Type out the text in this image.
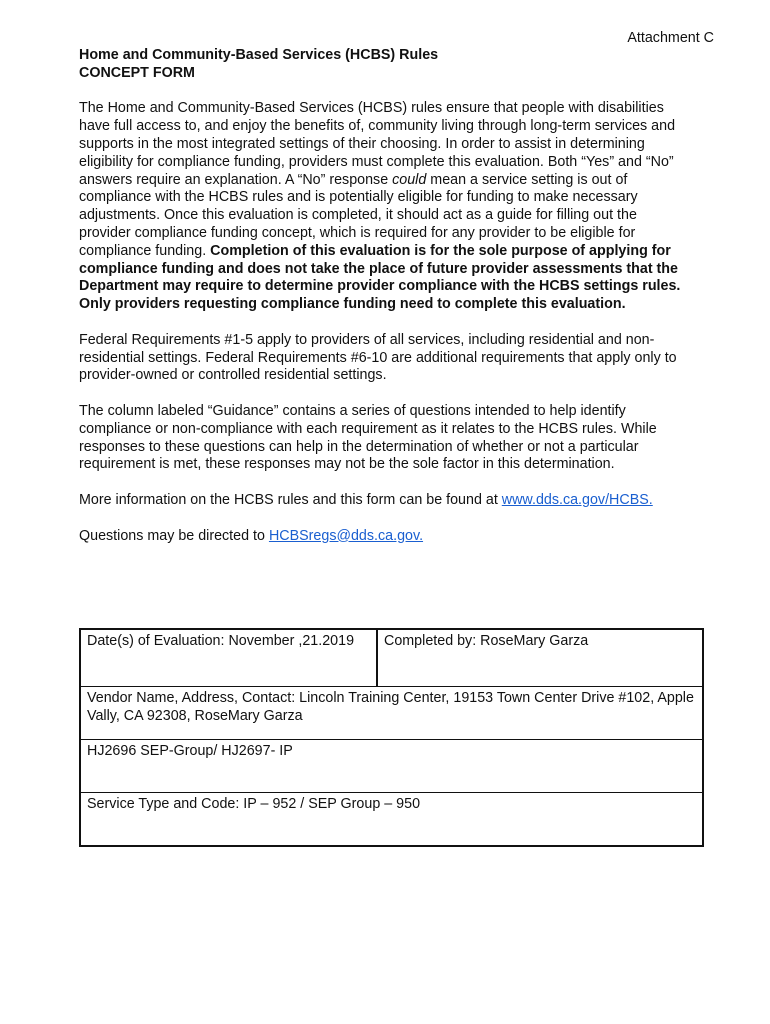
Attachment C

Home and Community-Based Services (HCBS) Rules

CONCEPT FORM

The Home and Community-Based Services (HCBS) rules ensure that people with disabilities have full access to, and enjoy the benefits of, community living through long-term services and supports in the most integrated settings of their choosing. In order to assist in determining eligibility for compliance funding, providers must complete this evaluation. Both “Yes” and “No” answers require an explanation. A “No” response could mean a service setting is out of compliance with the HCBS rules and is potentially eligible for funding to make necessary adjustments. Once this evaluation is completed, it should act as a guide for filling out the provider compliance funding concept, which is required for any provider to be eligible for compliance funding. Completion of this evaluation is for the sole purpose of applying for compliance funding and does not take the place of future provider assessments that the Department may require to determine provider compliance with the HCBS settings rules. Only providers requesting compliance funding need to complete this evaluation.

Federal Requirements #1-5 apply to providers of all services, including residential and non-residential settings. Federal Requirements #6-10 are additional requirements that apply only to provider-owned or controlled residential settings.

The column labeled “Guidance” contains a series of questions intended to help identify compliance or non-compliance with each requirement as it relates to the HCBS rules. While responses to these questions can help in the determination of whether or not a particular requirement is met, these responses may not be the sole factor in this determination.

More information on the HCBS rules and this form can be found at www.dds.ca.gov/HCBS.

Questions may be directed to HCBSregs@dds.ca.gov.

Date(s) of Evaluation: November ,21.2019	Completed by: RoseMary Garza
Vendor Name, Address, Contact: Lincoln Training Center, 19153 Town Center Drive #102, Apple Vally, CA 92308, RoseMary Garza
HJ2696 SEP-Group/ HJ2697- IP
Service Type and Code: IP – 952 / SEP Group – 950
